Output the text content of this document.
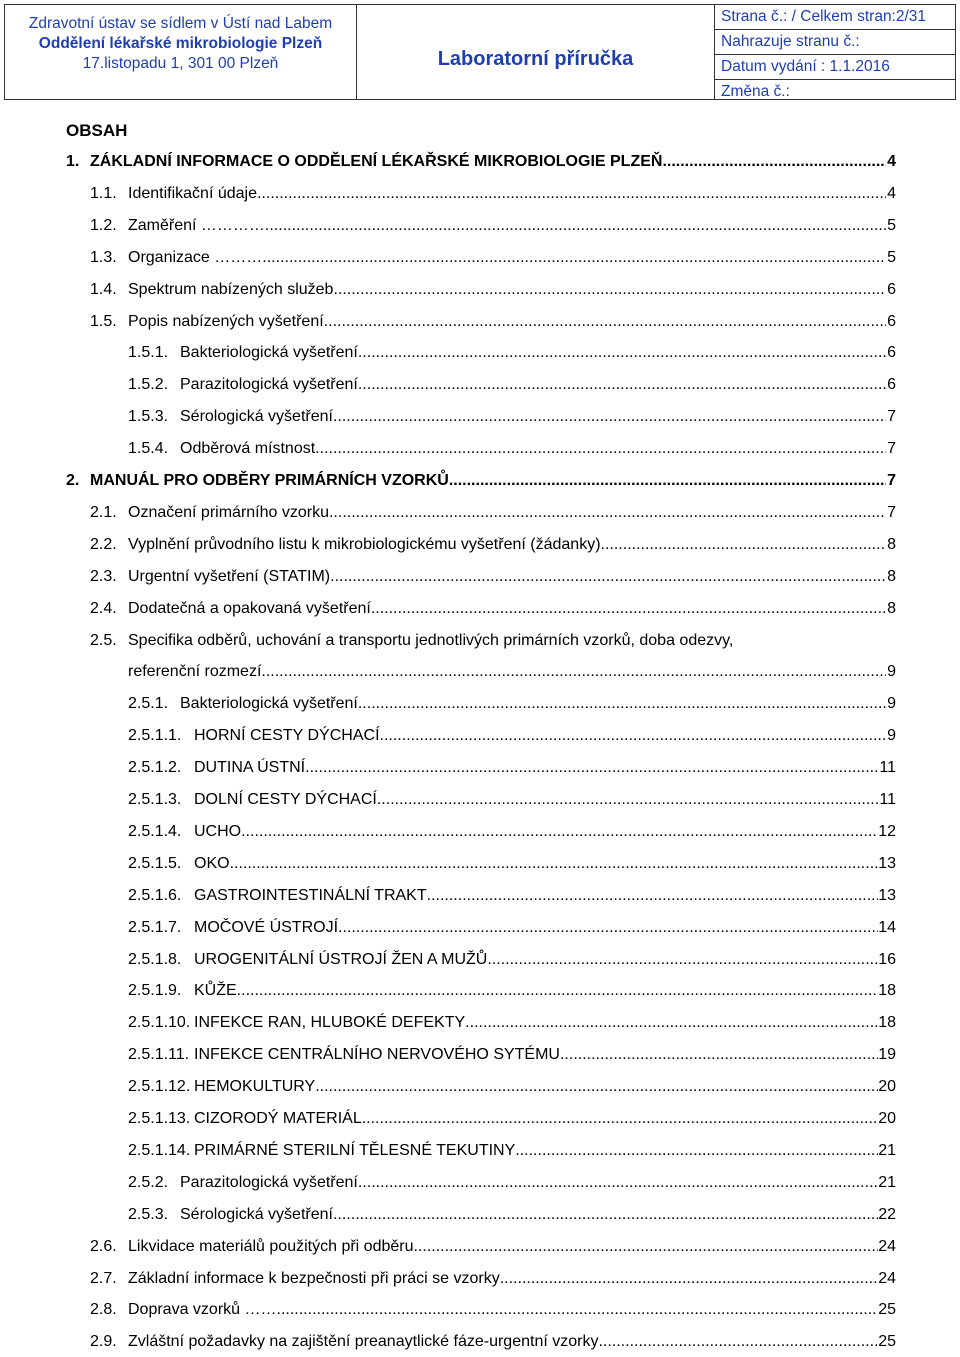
Zdravotní ústav se sídlem v Ústí nad Labem
Oddělení lékařské mikrobiologie Plzeň
17.listopadu 1, 301 00 Plzeň	Laboratorní příručka
Strana č.: / Celkem stran:2/31
Nahrazuje stranu č.:
Datum vydání : 1.1.2016
Změna č.:
OBSAH
1. ZÁKLADNÍ INFORMACE O ODDĚLENÍ LÉKAŘSKÉ MIKROBIOLOGIE PLZEŇ .....	4
1.1. Identifikační údaje... .....	4
1.2. Zaměření …………. .....	5
1.3. Organizace ………. .....	5
1.4. Spektrum nabízených služeb .....	6
1.5. Popis nabízených vyšetření .....	6
1.5.1. Bakteriologická vyšetření .....	6
1.5.2. Parazitologická vyšetření .....	6
1.5.3. Sérologická vyšetření .....	7
1.5.4. Odběrová místnost .....	7
2. MANUÁL PRO ODBĚRY PRIMÁRNÍCH VZORKŮ .....	7
2.1. Označení primárního vzorku .....	7
2.2. Vyplnění průvodního listu k mikrobiologickému vyšetření (žádanky) .....	8
2.3. Urgentní vyšetření (STATIM) .....	8
2.4. Dodatečná a opakovaná vyšetření .....	8
2.5. Specifika odběrů, uchování a transportu jednotlivých primárních vzorků, doba odezvy,
referenční rozmezí.. .....	9
2.5.1. Bakteriologická vyšetření .....	9
2.5.1.1. HORNÍ CESTY DÝCHACÍ .....	9
2.5.1.2. DUTINA ÚSTNÍ .....	11
2.5.1.3. DOLNÍ CESTY DÝCHACÍ .....	11
2.5.1.4. UCHO .....	12
2.5.1.5. OKO .....	13
2.5.1.6. GASTROINTESTINÁLNÍ TRAKT .....	13
2.5.1.7. MOČOVÉ ÚSTROJÍ .....	14
2.5.1.8. UROGENITÁLNÍ ÚSTROJÍ ŽEN A MUŽŮ .....	16
2.5.1.9. KŮŽE .....	18
2.5.1.10. INFEKCE RAN, HLUBOKÉ DEFEKTY .....	18
2.5.1.11. INFEKCE CENTRÁLNÍHO NERVOVÉHO SYTÉMU .....	19
2.5.1.12. HEMOKULTURY .....	20
2.5.1.13. CIZORODÝ MATERIÁL .....	20
2.5.1.14. PRIMÁRNÉ STERILNÍ TĚLESNÉ TEKUTINY .....	21
2.5.2. Parazitologická vyšetření .....	21
2.5.3. Sérologická vyšetření .....	22
2.6. Likvidace materiálů použitých při odběru .....	24
2.7. Základní informace k bezpečnosti při práci se vzorky .....	24
2.8. Doprava vzorků …….. .....	25
2.9. Zvláštní požadavky na zajištění preanaytlické fáze-urgentní vzorky .....	25
